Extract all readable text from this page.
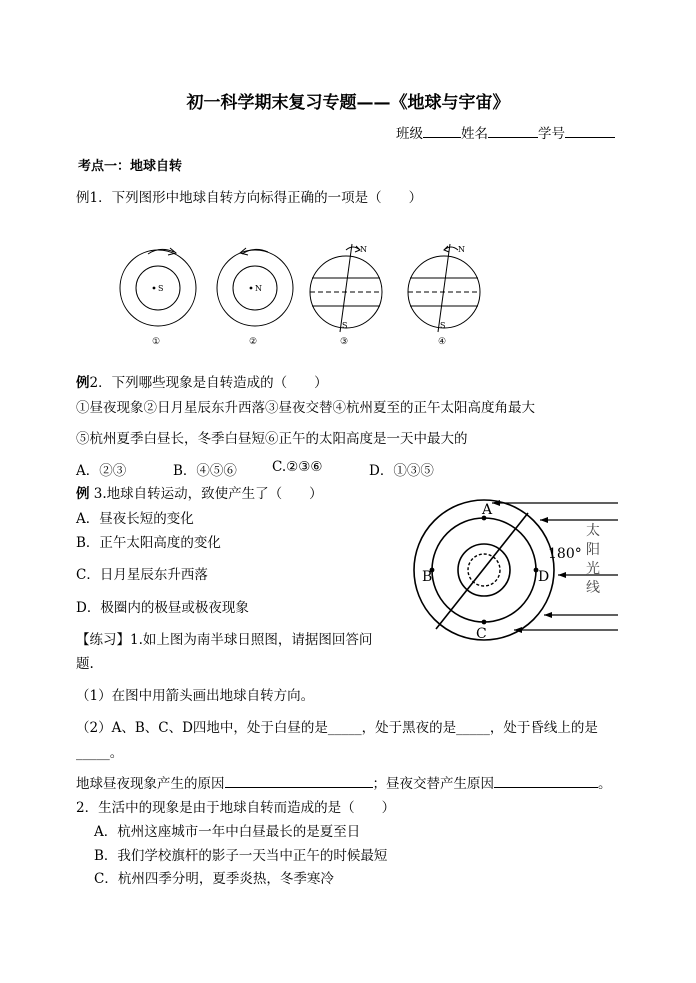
初一科学期末复习专题——《地球与宇宙》
班级	姓名	学号
考点一：地球自转
例1．下列图形中地球自转方向标得正确的一项是（　　）
S
①
N
②
N
S
③
N
S
④
例2．下列哪些现象是自转造成的（　　）
①昼夜现象②日月星辰东升西落③昼夜交替④杭州夏至的正午太阳高度角最大
⑤杭州夏季白昼长，冬季白昼短⑥正午的太阳高度是一天中最大的
A．②③	B．④⑤⑥	C.②③⑥	D．①③⑤
例 3.地球自转运动，致使产生了（　　）
A．昼夜长短的变化
B．正午太阳高度的变化
C．日月星辰东升西落
D．极圈内的极昼或极夜现象
A
B
C
D
180°
太
阳
光
线
【练习】1.如上图为南半球日照图，请据图回答问
题.
（1）在图中用箭头画出地球自转方向。
（2）A、B、C、D四地中，处于白昼的是_____，处于黑夜的是_____，处于昏线上的是
_____。
地球昼夜现象产生的原因	；昼夜交替产生原因	。
2．生活中的现象是由于地球自转而造成的是（　　）
A．杭州这座城市一年中白昼最长的是夏至日
B．我们学校旗杆的影子一天当中正午的时候最短
C．杭州四季分明，夏季炎热，冬季寒冷
